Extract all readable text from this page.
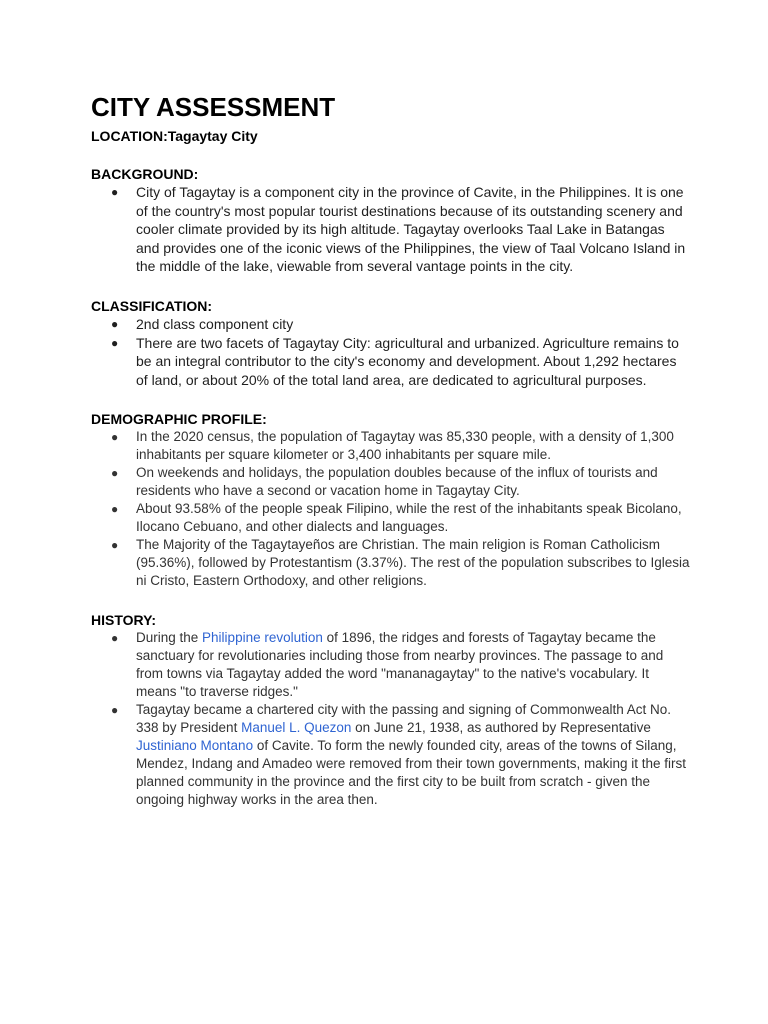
CITY ASSESSMENT

LOCATION:Tagaytay City

BACKGROUND:

● City of Tagaytay is a component city in the province of Cavite, in the Philippines. It is one of the country's most popular tourist destinations because of its outstanding scenery and cooler climate provided by its high altitude. Tagaytay overlooks Taal Lake in Batangas and provides one of the iconic views of the Philippines, the view of Taal Volcano Island in the middle of the lake, viewable from several vantage points in the city.

CLASSIFICATION:

● 2nd class component city
● There are two facets of Tagaytay City: agricultural and urbanized. Agriculture remains to be an integral contributor to the city's economy and development. About 1,292 hectares of land, or about 20% of the total land area, are dedicated to agricultural purposes.

DEMOGRAPHIC PROFILE:

● In the 2020 census, the population of Tagaytay was 85,330 people, with a density of 1,300 inhabitants per square kilometer or 3,400 inhabitants per square mile.
● On weekends and holidays, the population doubles because of the influx of tourists and residents who have a second or vacation home in Tagaytay City.
● About 93.58% of the people speak Filipino, while the rest of the inhabitants speak Bicolano, Ilocano Cebuano, and other dialects and languages.
● The Majority of the Tagaytayeños are Christian. The main religion is Roman Catholicism (95.36%), followed by Protestantism (3.37%). The rest of the population subscribes to Iglesia ni Cristo, Eastern Orthodoxy, and other religions.

HISTORY:

● During the Philippine revolution of 1896, the ridges and forests of Tagaytay became the sanctuary for revolutionaries including those from nearby provinces. The passage to and from towns via Tagaytay added the word "mananagaytay" to the native's vocabulary. It means "to traverse ridges."
● Tagaytay became a chartered city with the passing and signing of Commonwealth Act No. 338 by President Manuel L. Quezon on June 21, 1938, as authored by Representative Justiniano Montano of Cavite. To form the newly founded city, areas of the towns of Silang, Mendez, Indang and Amadeo were removed from their town governments, making it the first planned community in the province and the first city to be built from scratch - given the ongoing highway works in the area then.
